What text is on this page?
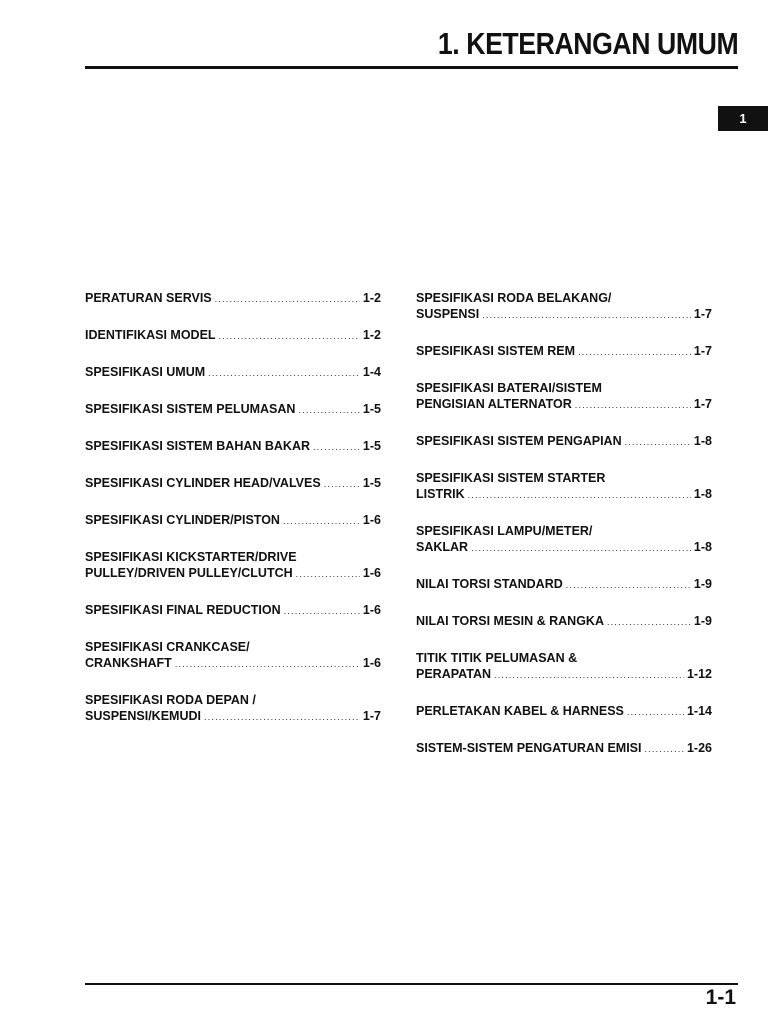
1. KETERANGAN UMUM
1
PERATURAN SERVIS .....	1-2
IDENTIFIKASI MODEL .....	1-2
SPESIFIKASI UMUM .....	1-4
SPESIFIKASI SISTEM PELUMASAN .....	1-5
SPESIFIKASI SISTEM BAHAN BAKAR .....	1-5
SPESIFIKASI CYLINDER HEAD/VALVES .....	1-5
SPESIFIKASI CYLINDER/PISTON .....	1-6
SPESIFIKASI KICKSTARTER/DRIVE
PULLEY/DRIVEN PULLEY/CLUTCH .....	1-6
SPESIFIKASI FINAL REDUCTION .....	1-6
SPESIFIKASI CRANKCASE/
CRANKSHAFT .....	1-6
SPESIFIKASI RODA DEPAN /
SUSPENSI/KEMUDI .....	1-7
SPESIFIKASI RODA BELAKANG/
SUSPENSI .....	1-7
SPESIFIKASI SISTEM REM .....	1-7
SPESIFIKASI BATERAI/SISTEM
PENGISIAN ALTERNATOR .....	1-7
SPESIFIKASI SISTEM PENGAPIAN .....	1-8
SPESIFIKASI SISTEM STARTER
LISTRIK .....	1-8
SPESIFIKASI LAMPU/METER/
SAKLAR .....	1-8
NILAI TORSI STANDARD .....	1-9
NILAI TORSI MESIN & RANGKA .....	1-9
TITIK TITIK PELUMASAN &
PERAPATAN .....	1-12
PERLETAKAN KABEL & HARNESS .....	1-14
SISTEM-SISTEM PENGATURAN EMISI .....	1-26
1-1
